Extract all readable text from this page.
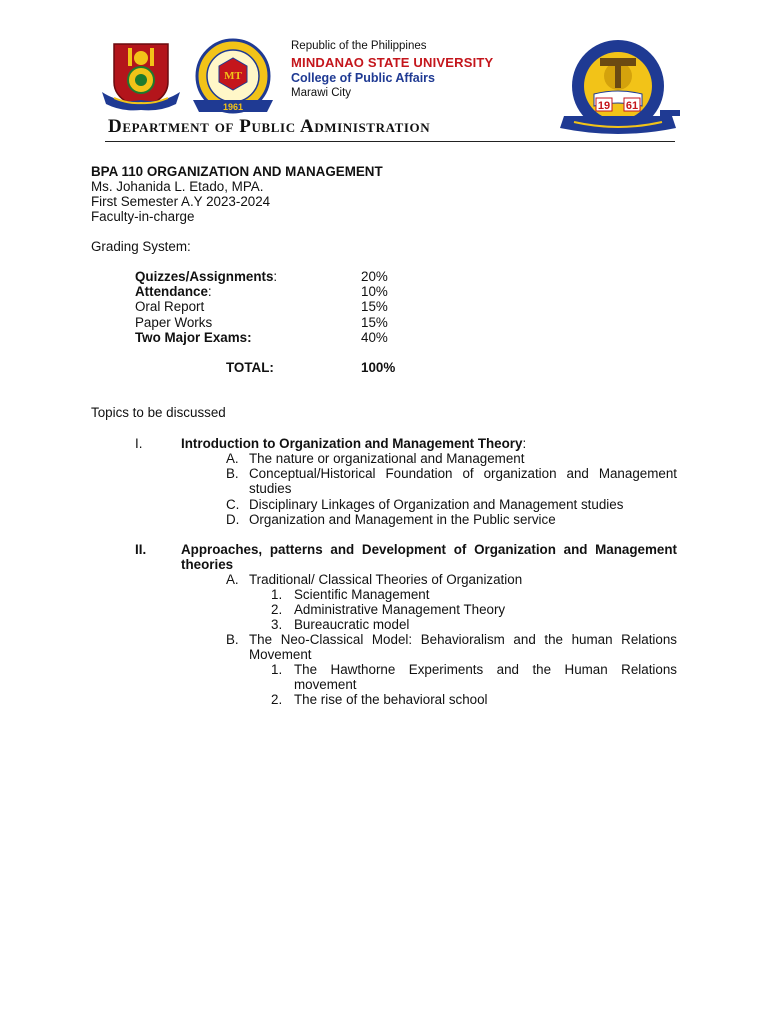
MT
1961	19 61
Republic of the Philippines
MINDANAO STATE UNIVERSITY
College of Public Affairs
Marawi City
Department of Public Administration
BPA 110 ORGANIZATION AND MANAGEMENT
Ms. Johanida L. Etado, MPA.
First Semester A.Y 2023-2024
Faculty-in-charge
Grading System:
Quizzes/Assignments:	20%
Attendance:	10%
Oral Report	15%
Paper Works	15%
Two Major Exams:	40%
TOTAL:	100%
Topics to be discussed
I.	Introduction to Organization and Management Theory:
A. The nature or organizational and Management
B. Conceptual/Historical Foundation of organization and Management studies
C. Disciplinary Linkages of Organization and Management studies
D. Organization and Management in the Public service
II.	Approaches, patterns and Development of Organization and Management theories
A. Traditional/ Classical Theories of Organization
1. Scientific Management
2. Administrative Management Theory
3. Bureaucratic model
B. The Neo-Classical Model: Behavioralism and the human Relations Movement
1. The Hawthorne Experiments and the Human Relations movement
2. The rise of the behavioral school
